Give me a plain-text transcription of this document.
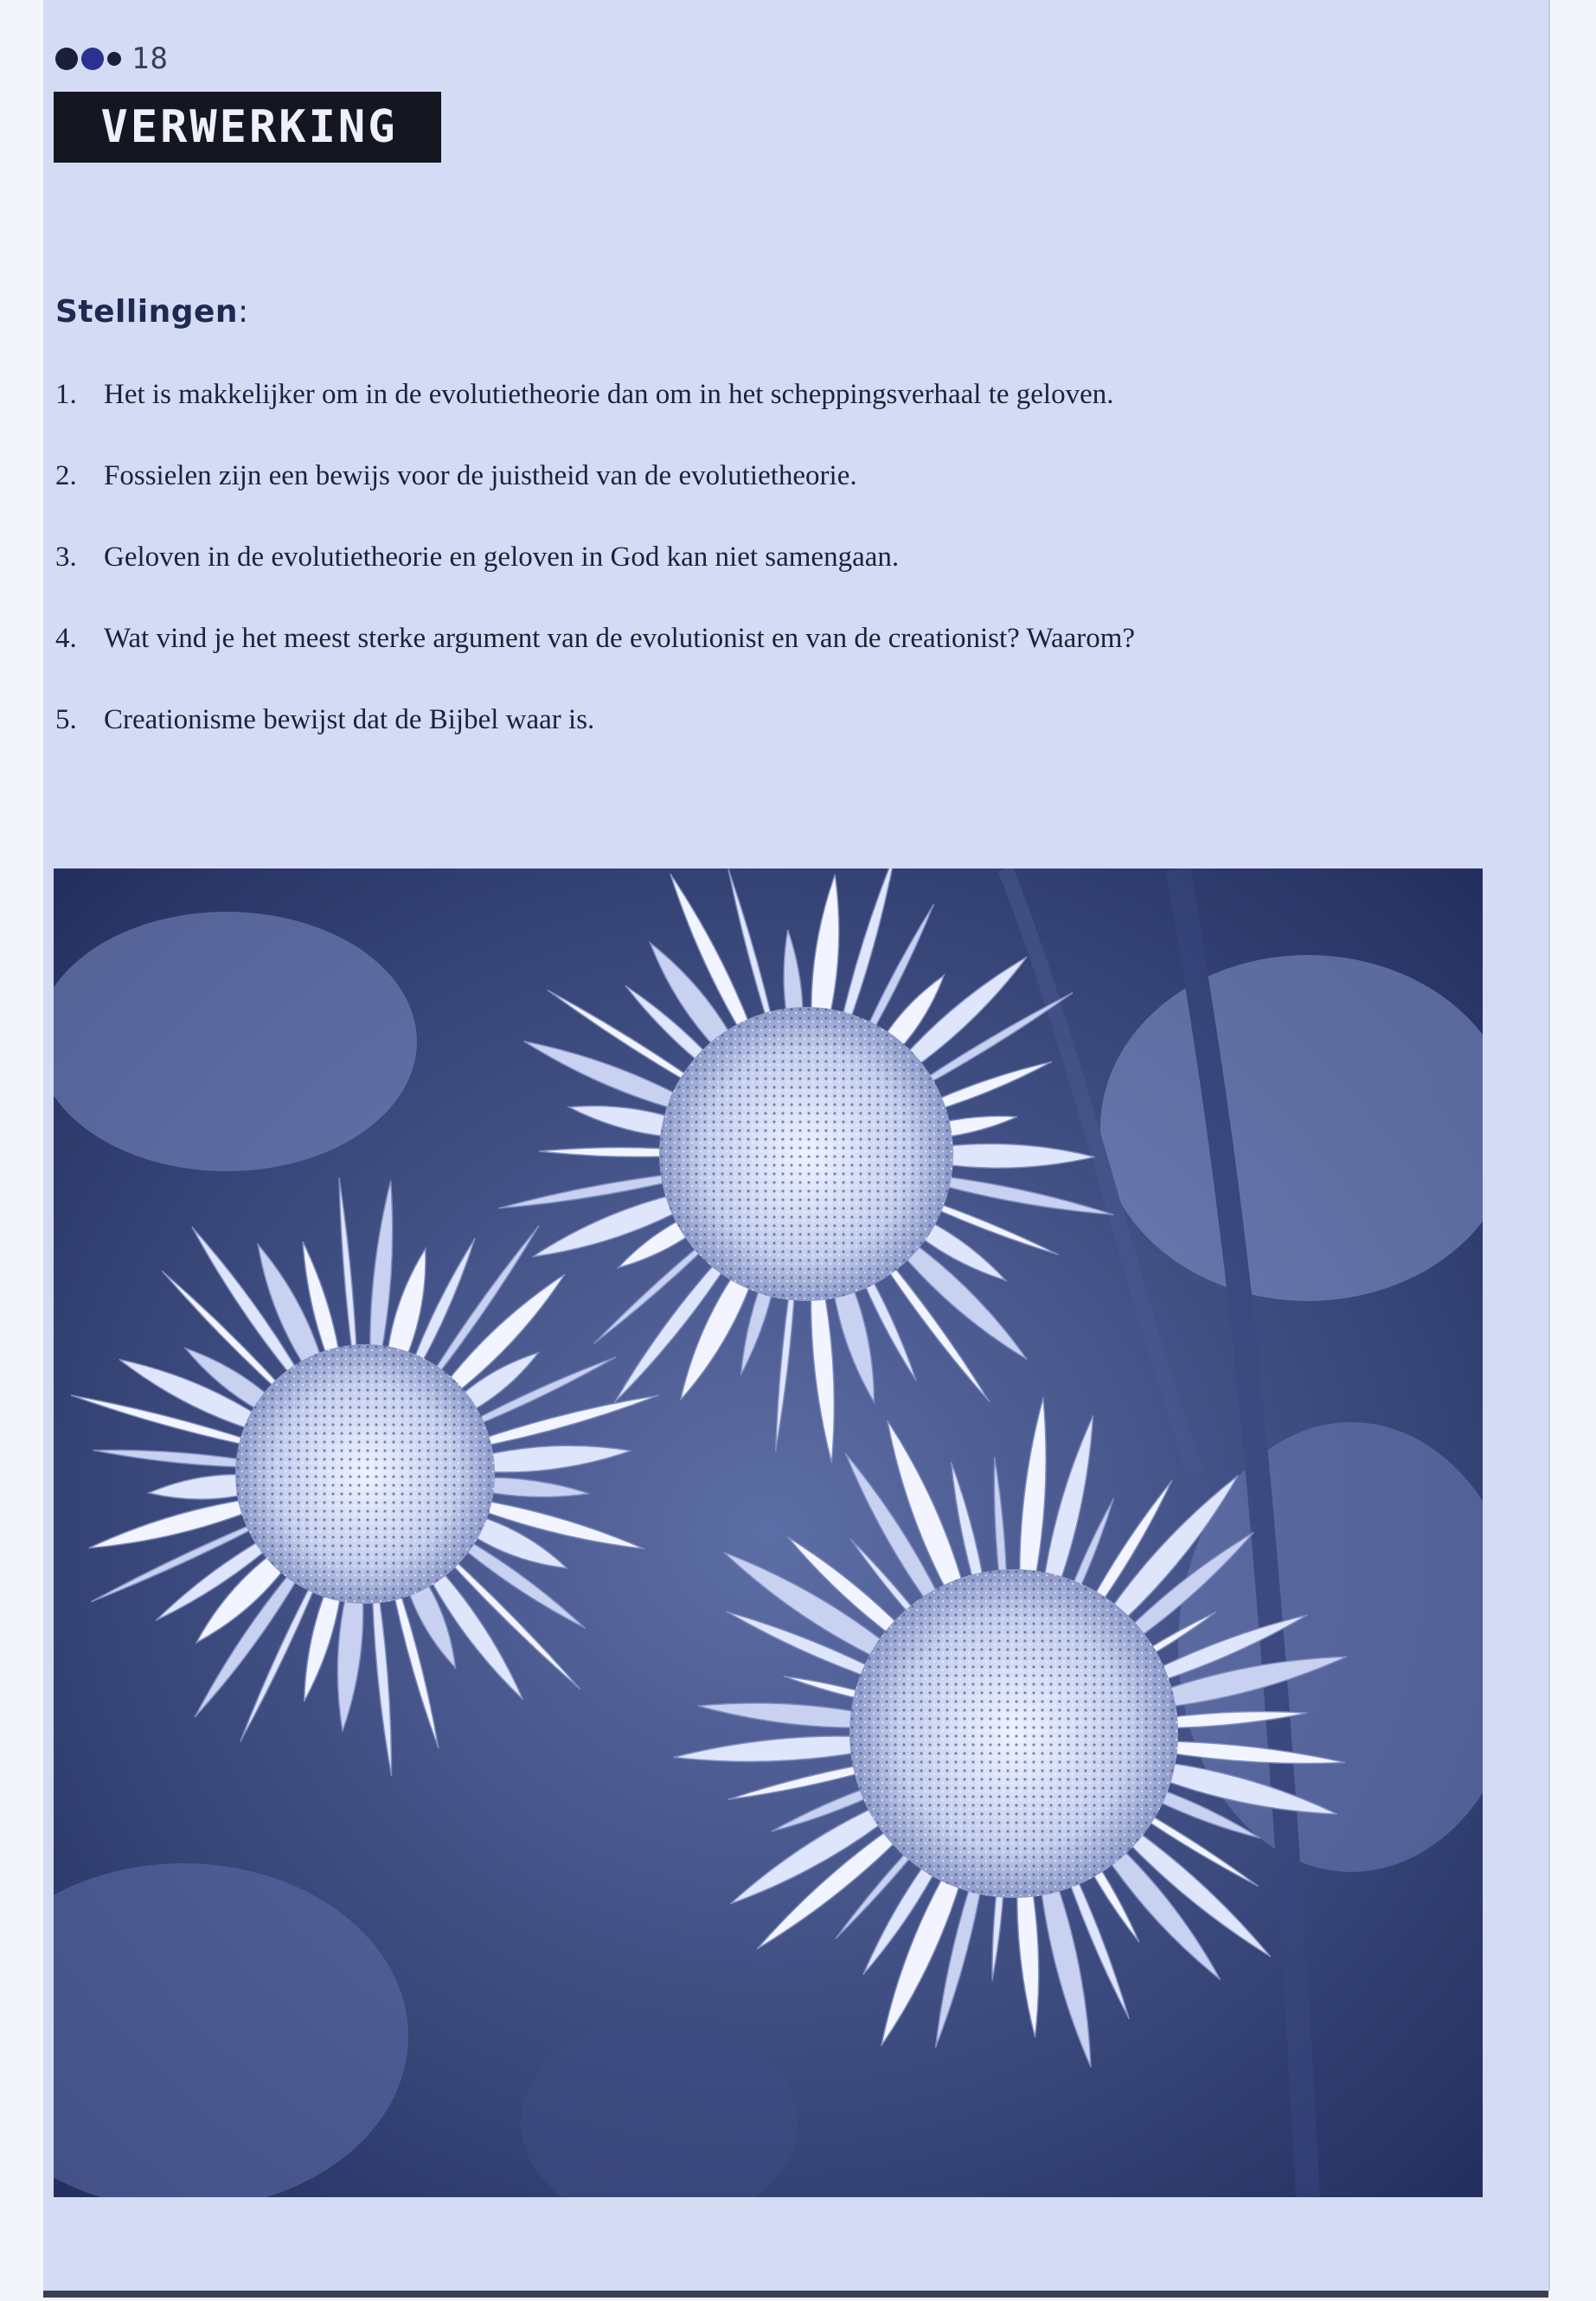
18
VERWERKING
Stellingen:
1. Het is makkelijker om in de evolutietheorie dan om in het scheppingsverhaal te geloven.
2. Fossielen zijn een bewijs voor de juistheid van de evolutietheorie.
3. Geloven in de evolutietheorie en geloven in God kan niet samengaan.
4. Wat vind je het meest sterke argument van de evolutionist en van de creationist? Waarom?
5. Creationisme bewijst dat de Bijbel waar is.
